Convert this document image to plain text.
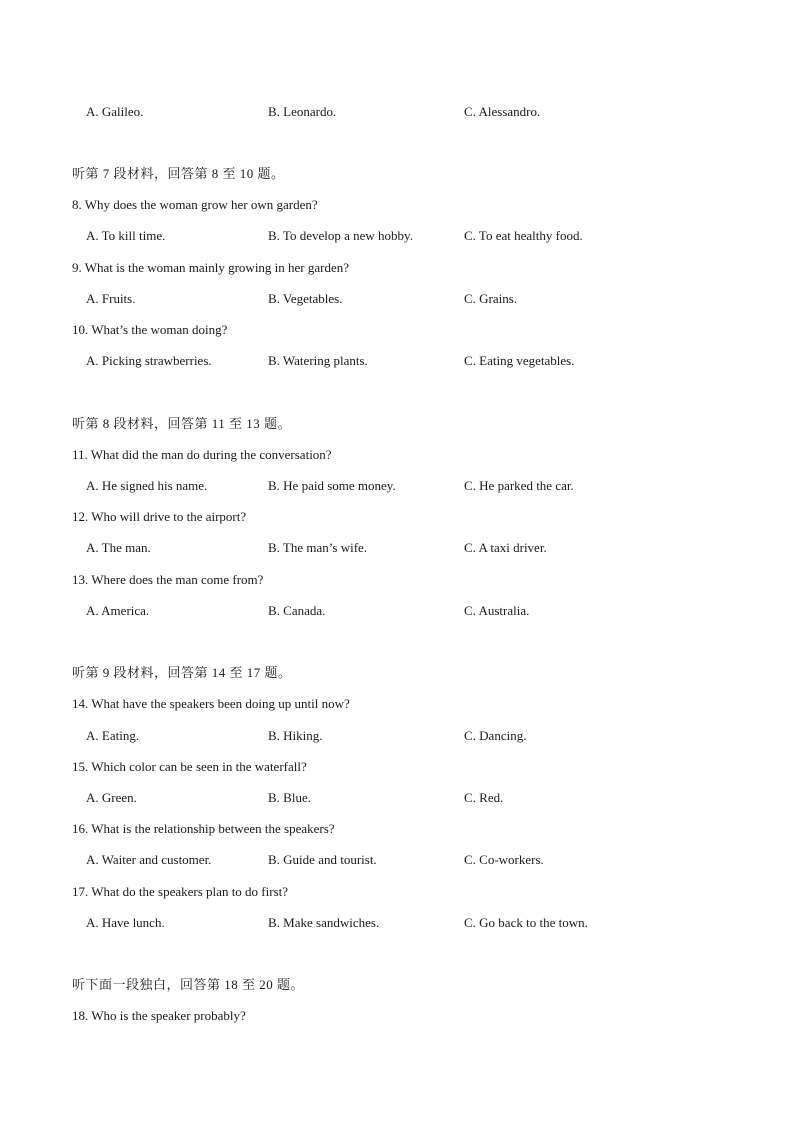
A. Galileo.	B. Leonardo.	C. Alessandro.
听第 7 段材料，回答第 8 至 10 题。
8. Why does the woman grow her own garden?
A. To kill time.	B. To develop a new hobby.	C. To eat healthy food.
9. What is the woman mainly growing in her garden?
A. Fruits.	B. Vegetables.	C. Grains.
10. What’s the woman doing?
A. Picking strawberries.	B. Watering plants.	C. Eating vegetables.
听第 8 段材料，回答第 11 至 13 题。
11. What did the man do during the conversation?
A. He signed his name.	B. He paid some money.	C. He parked the car.
12. Who will drive to the airport?
A. The man.	B. The man’s wife.	C. A taxi driver.
13. Where does the man come from?
A. America.	B. Canada.	C. Australia.
听第 9 段材料，回答第 14 至 17 题。
14. What have the speakers been doing up until now?
A. Eating.	B. Hiking.	C. Dancing.
15. Which color can be seen in the waterfall?
A. Green.	B. Blue.	C. Red.
16. What is the relationship between the speakers?
A. Waiter and customer.	B. Guide and tourist.	C. Co-workers.
17. What do the speakers plan to do first?
A. Have lunch.	B. Make sandwiches.	C. Go back to the town.
听下面一段独白，回答第 18 至 20 题。
18. Who is the speaker probably?
